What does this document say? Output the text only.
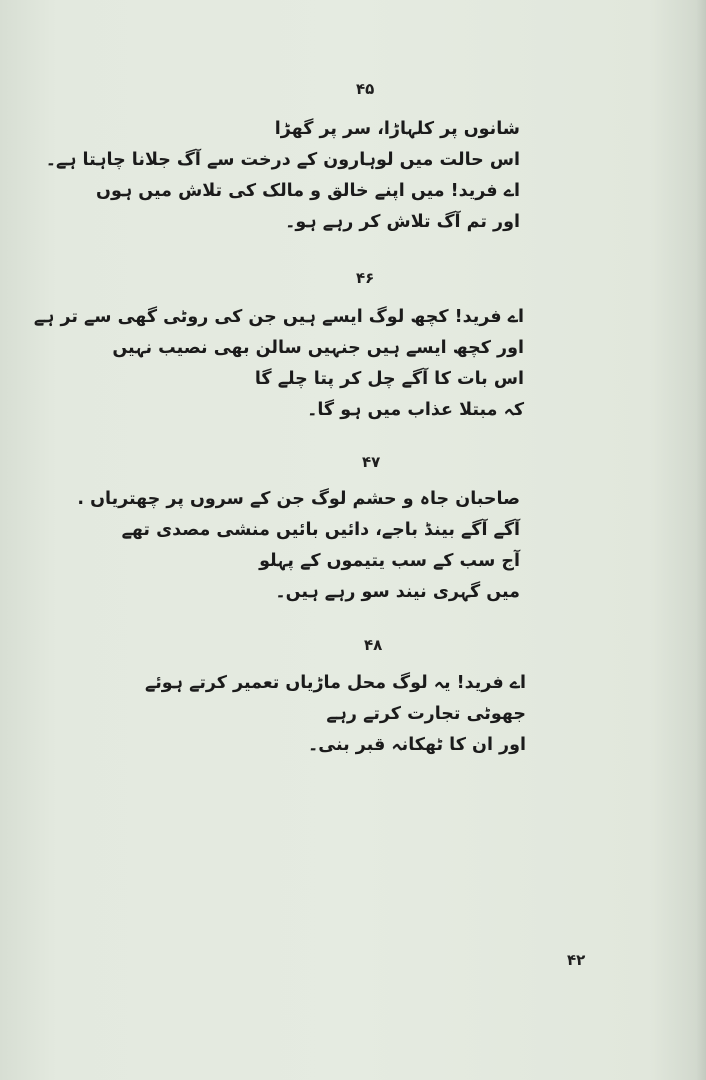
۴۵
شانوں پر کلہاڑا، سر پر گھڑا
اس حالت میں لوہارون کے درخت سے آگ جلانا چاہتا ہے۔
اے فرید! میں اپنے خالق و مالک کی تلاش میں ہوں
اور تم آگ تلاش کر رہے ہو۔
۴۶
اے فرید! کچھ لوگ ایسے ہیں جن کی روٹی گھی سے تر ہے
اور کچھ ایسے ہیں جنہیں سالن بھی نصیب نہیں
اس بات کا آگے چل کر پتا چلے گا
کہ مبتلا عذاب میں ہو گا۔
۴۷
صاحبان جاہ و حشم لوگ جن کے سروں پر چھتریاں .
آگے آگے بینڈ باجے، دائیں بائیں منشی مصدی تھے
آج سب کے سب یتیموں کے پہلو
میں گہری نیند سو رہے ہیں۔
۴۸
اے فرید! یہ لوگ محل ماڑیاں تعمیر کرتے ہوئے
جھوٹی تجارت کرتے رہے
اور ان کا ٹھکانہ قبر بنی۔
۴۲
